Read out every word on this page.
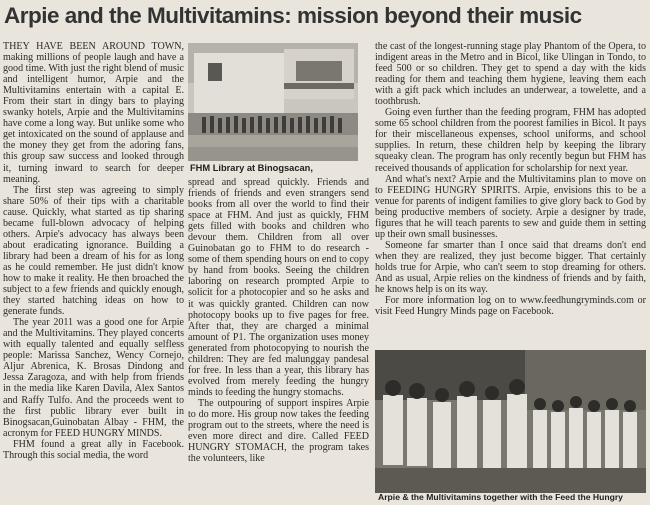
Arpie and the Multivitamins: mission beyond their music

THEY HAVE BEEN AROUND TOWN, making millions of people laugh and have a good time. With just the right blend of music and intelligent humor, Arpie and the Multivitamins entertain with a capital E. From their start in dingy bars to playing swanky hotels, Arpie and the Multivitamins have come a long way. But unlike some who get intoxicated on the sound of applause and the money they get from the adoring fans, this group saw success and looked through it, turning inward to search for deeper meaning.

The first step was agreeing to simply share 50% of their tips with a charitable cause. Quickly, what started as tip sharing became full-blown advocacy of helping others. Arpie's advocacy has always been about eradicating ignorance. Building a library had been a dream of his for as long as he could remember. He just didn't know how to make it reality. He then broached the subject to a few friends and quickly enough, they started hatching ideas on how to generate funds.

The year 2011 was a good one for Arpie and the Multivitamins. They played concerts with equally talented and equally selfless people: Marissa Sanchez, Wency Cornejo, Aljur Abrenica, K. Brosas Dindong and Jessa Zaragoza, and with help from friends in the media like Karen Davila, Alex Santos and Raffy Tulfo. And the proceeds went to the first public library ever built in Binogsacan,Guinobatan Albay - FHM, the acronym for FEED HUNGRY MINDS.

FHM found a great ally in Facebook. Through this social media, the word

FHM Library at Binogsacan,

spread and spread quickly. Friends and friends of friends and even strangers send books from all over the world to find their space at FHM. And just as quickly, FHM gets filled with books and children who devour them. Children from all over Guinobatan go to FHM to do research - some of them spending hours on end to copy by hand from books. Seeing the children laboring on research prompted Arpie to solicit for a photocopier and so he asks and it was quickly granted. Children can now photocopy books up to five pages for free. After that, they are charged a minimal amount of P1. The organization uses money generated from photocopying to nourish the children: They are fed malunggay pandesal for free. In less than a year, this library has evolved from merely feeding the hungry minds to feeding the hungry stomachs.

The outpouring of support inspires Arpie to do more. His group now takes the feeding program out to the streets, where the need is even more direct and dire. Called FEED HUNGRY STOMACH, the program takes the volunteers, like

the cast of the longest-running stage play Phantom of the Opera, to indigent areas in the Metro and in Bicol, like Ulingan in Tondo, to feed 500 or so children. They get to spend a day with the kids reading for them and teaching them hygiene, leaving them each with a gift pack which includes an underwear, a towelette, and a toothbrush.

Going even further than the feeding program, FHM has adopted some 65 school children from the poorest families in Bicol. It pays for their miscellaneous expenses, school uniforms, and school supplies. In return, these children help by keeping the library squeaky clean. The program has only recently begun but FHM has received thousands of application for scholarship for next year.

And what's next? Arpie and the Multivitamins plan to move on to FEEDING HUNGRY SPIRITS. Arpie, envisions this to be a venue for parents of indigent families to give glory back to God by being productive members of society. Arpie a designer by trade, figures that he will teach parents to sew and guide them in setting up their own small businesses.

Someone far smarter than I once said that dreams don't end when they are realized, they just become bigger. That certainly holds true for Arpie, who can't seem to stop dreaming for others. And as usual, Arpie relies on the kindness of friends and by faith, he knows help is on its way.

For more information log on to www.feedhungryminds.com or visit Feed Hungry Minds page on Facebook.

Arpie & the Multivitamins together with the Feed the Hungry
